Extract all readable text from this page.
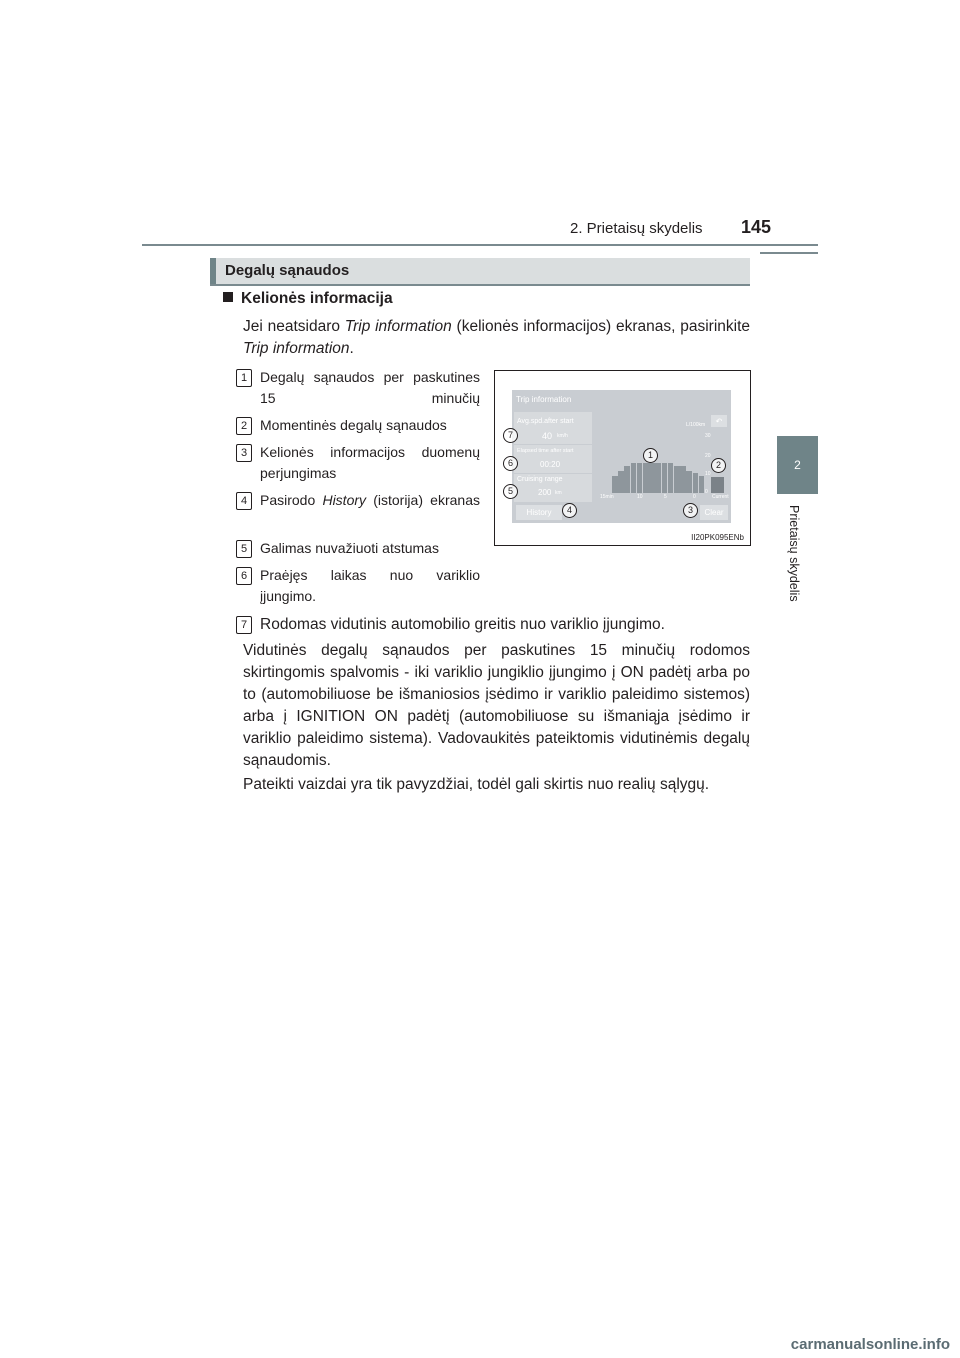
2. Prietaisų skydelis 145
2
Prietaisų skydelis
Degalų sąnaudos
Kelionės informacija
Jei neatsidaro Trip information (kelionės informacijos) ekranas, pasirinkite Trip information.
1 Degalų sąnaudos per paskutines 15 minučių
2 Momentinės degalų sąnaudos
3 Kelionės informacijos duomenų perjungimas
4 Pasirodo History (istorija) ekranas
5 Galimas nuvažiuoti atstumas
6 Praėjęs laikas nuo variklio įjungimo.
7 Rodomas vidutinis automobilio greitis nuo variklio įjungimo.
Vidutinės degalų sąnaudos per paskutines 15 minučių rodomos skirtingomis spalvomis - iki variklio jungiklio įjungimo į ON padėtį arba po to (automobiliuose be išmaniosios įsėdimo ir variklio paleidimo sistemos) arba į IGNITION ON padėtį (automobiliuose su išmaniąja įsėdimo ir variklio paleidimo sistema). Vadovaukitės pateiktomis vidutinėmis degalų sąnaudomis.
Pateikti vaizdai yra tik pavyzdžiai, todėl gali skirtis nuo realių sąlygų.
Trip information
Avg.spd.after start
40 km/h
Elapsed time after start
00:20
Cruising range
200 km
L/100km ↶
30
20
10
0
15min	10	5	0	Current
History	Clear
7
6
5
4
1
2
3
II20PK095ENb
carmanualsonline.info
